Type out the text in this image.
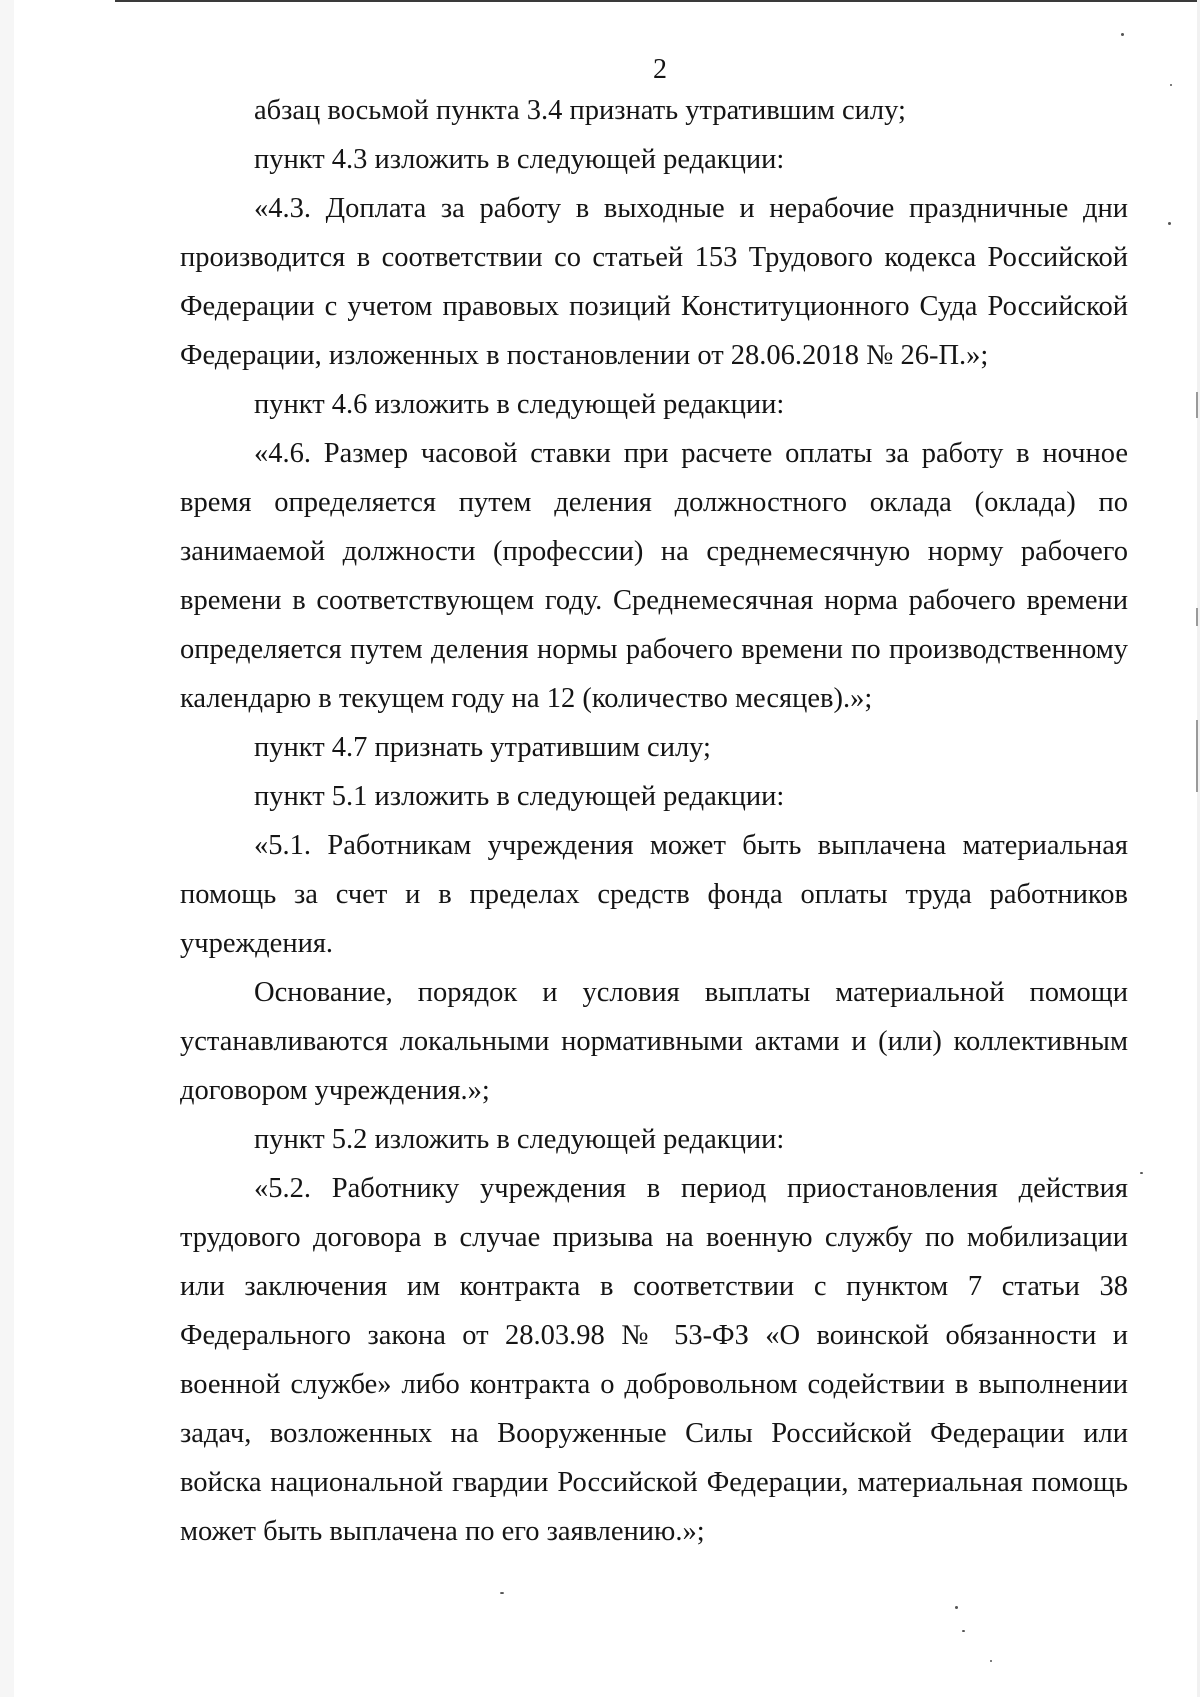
2

абзац восьмой пункта 3.4 признать утратившим силу;

пункт 4.3 изложить в следующей редакции:

«4.3. Доплата за работу в выходные и нерабочие праздничные дни производится в соответствии со статьей 153 Трудового кодекса Российской Федерации с учетом правовых позиций Конституционного Суда Российской Федерации, изложенных в постановлении от 28.06.2018 № 26-П.»;

пункт 4.6 изложить в следующей редакции:

«4.6. Размер часовой ставки при расчете оплаты за работу в ночное время определяется путем деления должностного оклада (оклада) по занимаемой должности (профессии) на среднемесячную норму рабочего времени в соответствующем году. Среднемесячная норма рабочего времени определяется путем деления нормы рабочего времени по производственному календарю в текущем году на 12 (количество месяцев).»;

пункт 4.7 признать утратившим силу;

пункт 5.1 изложить в следующей редакции:

«5.1. Работникам учреждения может быть выплачена материальная помощь за счет и в пределах средств фонда оплаты труда работников учреждения.

Основание, порядок и условия выплаты материальной помощи устанавливаются локальными нормативными актами и (или) коллективным договором учреждения.»;

пункт 5.2 изложить в следующей редакции:

«5.2. Работнику учреждения в период приостановления действия трудового договора в случае призыва на военную службу по мобилизации или заключения им контракта в соответствии с пунктом 7 статьи 38 Федерального закона от 28.03.98 № 53-ФЗ «О воинской обязанности и военной службе» либо контракта о добровольном содействии в выполнении задач, возложенных на Вооруженные Силы Российской Федерации или войска национальной гвардии Российской Федерации, материальная помощь может быть выплачена по его заявлению.»;
